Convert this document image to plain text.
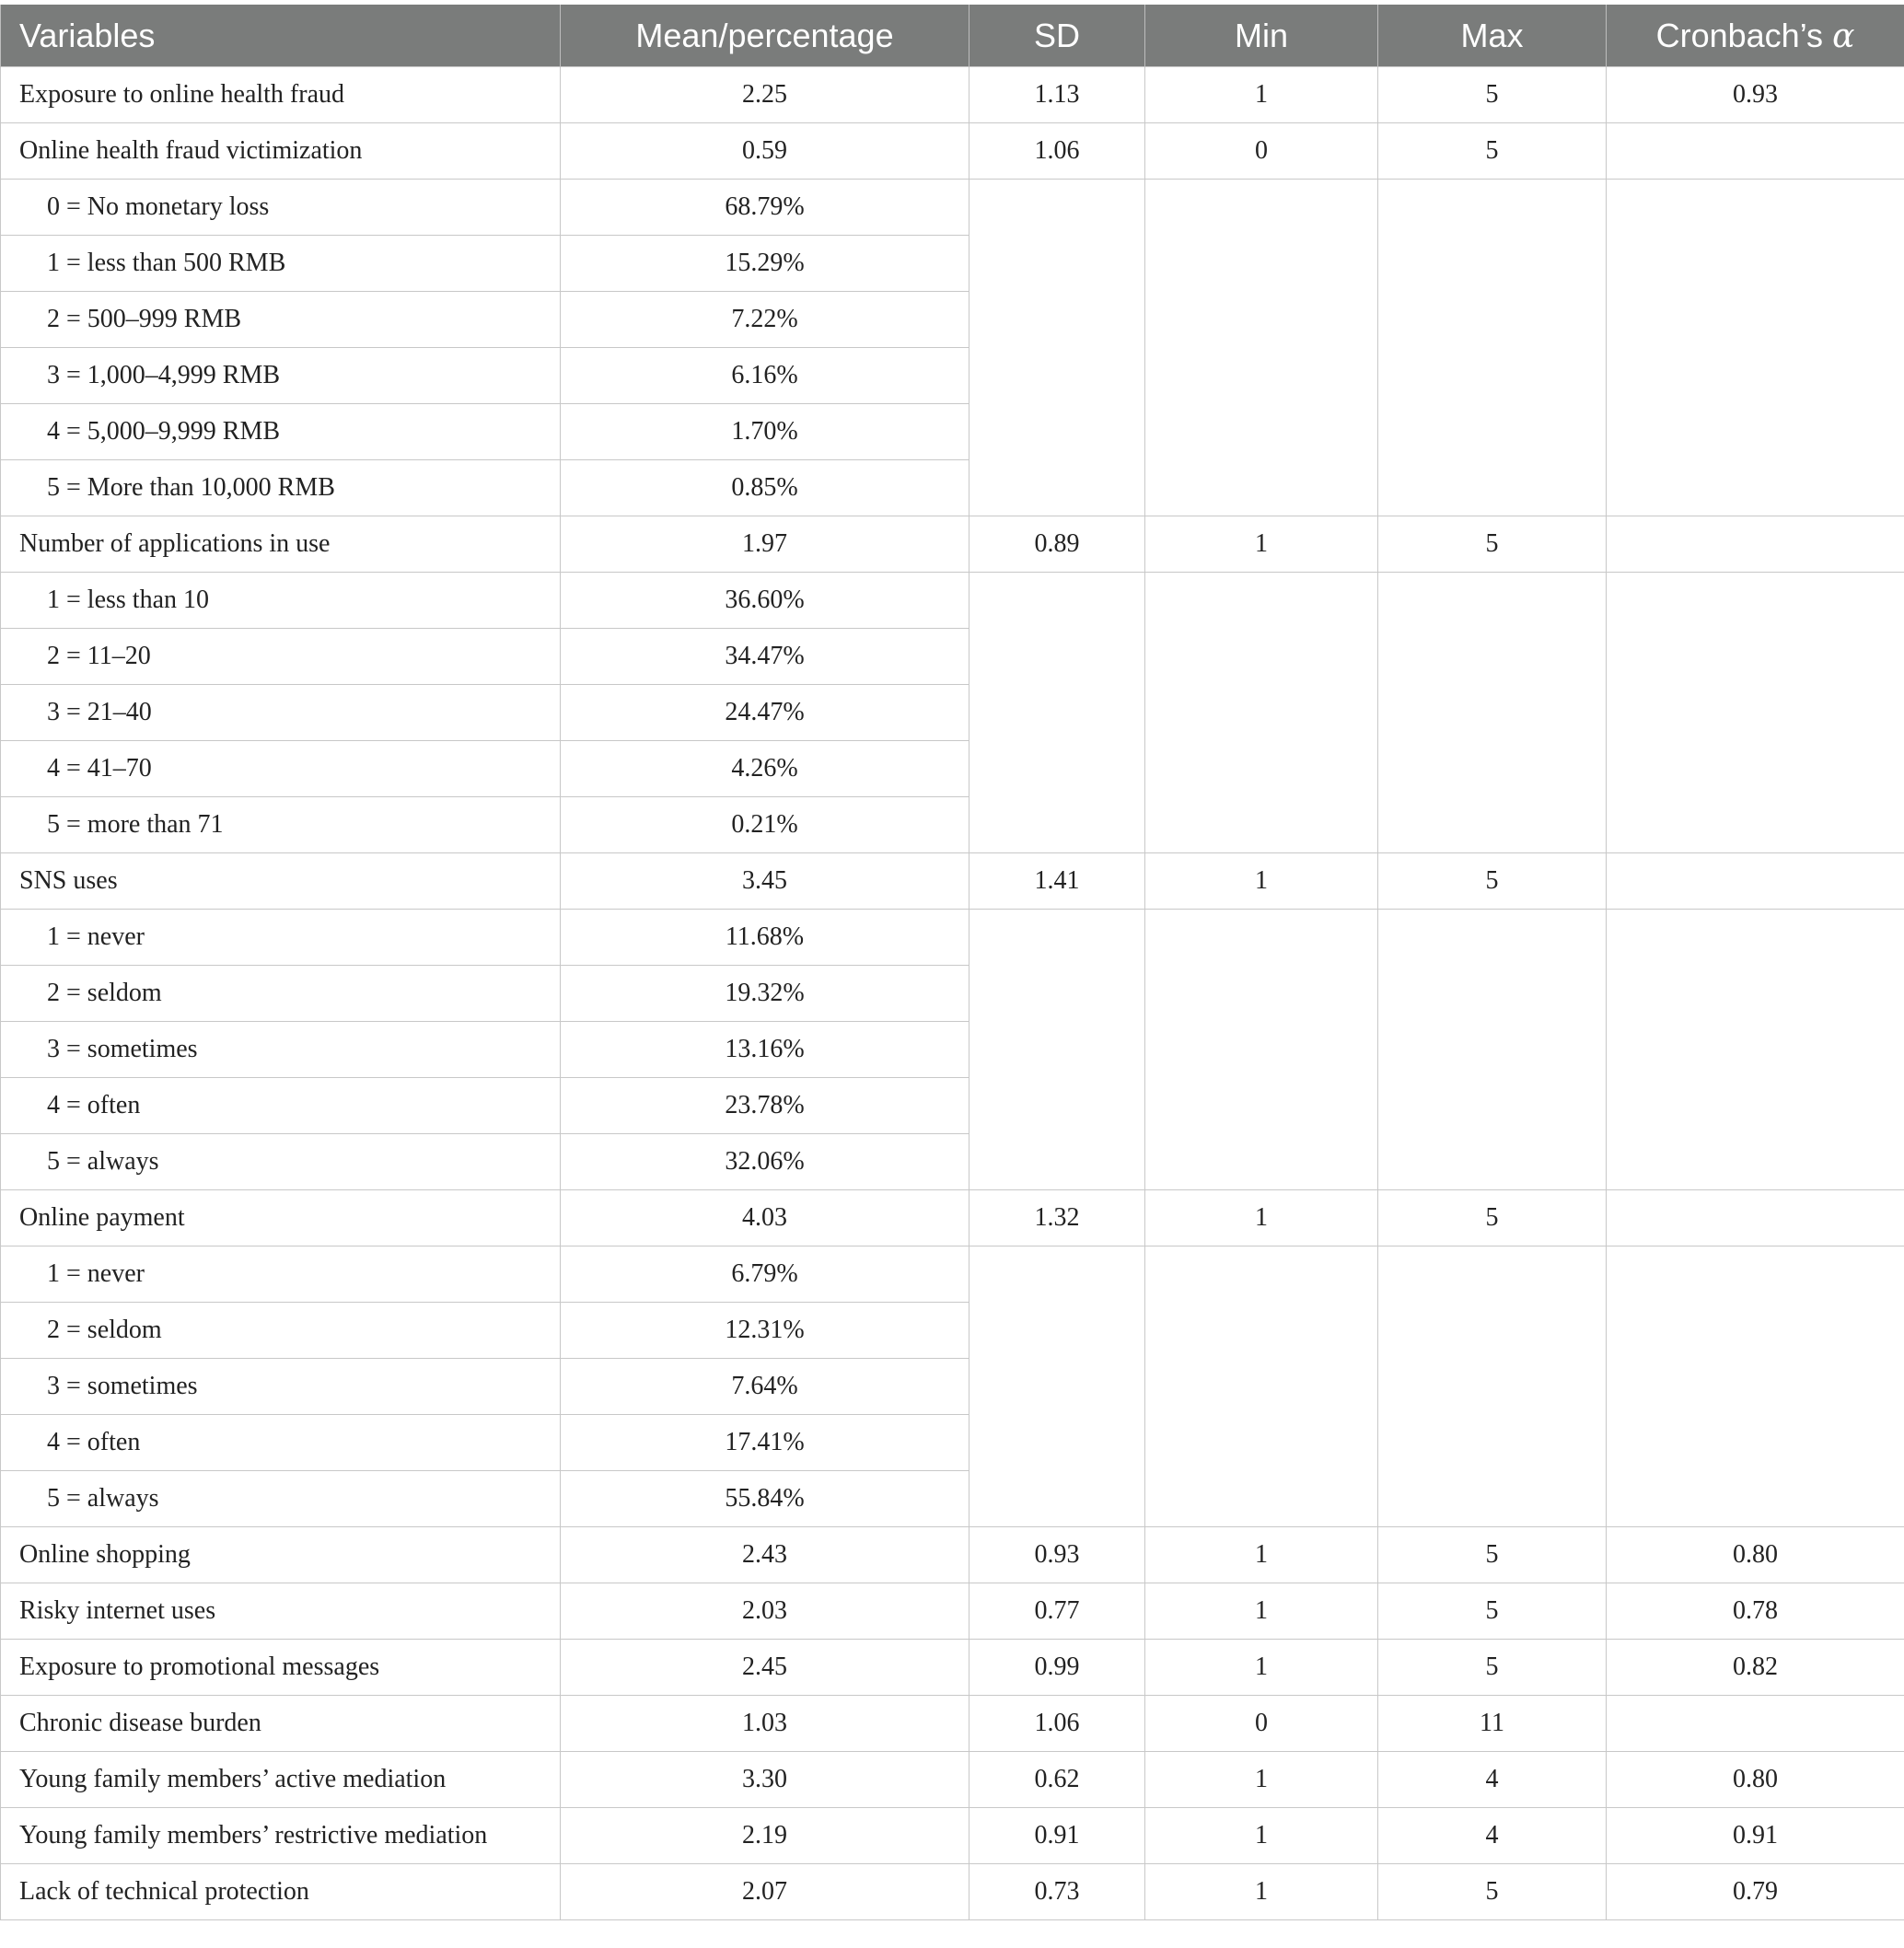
Variables	Mean/percentage	SD	Min	Max	Cronbach’s α
Exposure to online health fraud	2.25	1.13	1	5	0.93
Online health fraud victimization	0.59	1.06	0	5	
0 = No monetary loss	68.79%				
1 = less than 500 RMB	15.29%				
2 = 500–999 RMB	7.22%				
3 = 1,000–4,999 RMB	6.16%				
4 = 5,000–9,999 RMB	1.70%				
5 = More than 10,000 RMB	0.85%				
Number of applications in use	1.97	0.89	1	5	
1 = less than 10	36.60%				
2 = 11–20	34.47%				
3 = 21–40	24.47%				
4 = 41–70	4.26%				
5 = more than 71	0.21%				
SNS uses	3.45	1.41	1	5	
1 = never	11.68%				
2 = seldom	19.32%				
3 = sometimes	13.16%				
4 = often	23.78%				
5 = always	32.06%				
Online payment	4.03	1.32	1	5	
1 = never	6.79%				
2 = seldom	12.31%				
3 = sometimes	7.64%				
4 = often	17.41%				
5 = always	55.84%				
Online shopping	2.43	0.93	1	5	0.80
Risky internet uses	2.03	0.77	1	5	0.78
Exposure to promotional messages	2.45	0.99	1	5	0.82
Chronic disease burden	1.03	1.06	0	11	
Young family members’ active mediation	3.30	0.62	1	4	0.80
Young family members’ restrictive mediation	2.19	0.91	1	4	0.91
Lack of technical protection	2.07	0.73	1	5	0.79
